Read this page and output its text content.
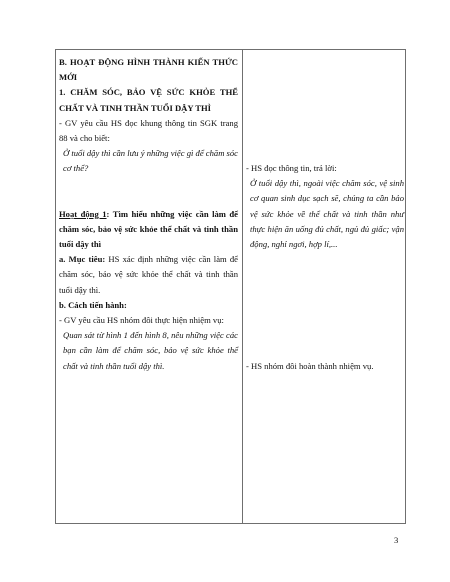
B. HOẠT ĐỘNG HÌNH THÀNH KIẾN THỨC MỚI

1. CHĂM SÓC, BẢO VỆ SỨC KHỎE THỂ CHẤT VÀ TINH THẦN TUỔI DẬY THÌ

- GV yêu cầu HS đọc khung thông tin SGK trang 88 và cho biết:

Ở tuổi dậy thì cần lưu ý những việc gì để chăm sóc cơ thể?

Hoạt động 1: Tìm hiểu những việc cần làm để chăm sóc, bảo vệ sức khỏe thể chất và tinh thần tuổi dậy thì

a. Mục tiêu: HS xác định những việc cần làm để chăm sóc, bảo vệ sức khỏe thể chất và tinh thần tuổi dậy thì.

b. Cách tiến hành:

- GV yêu cầu HS nhóm đôi thực hiện nhiệm vụ:

Quan sát từ hình 1 đến hình 8, nêu những việc các bạn cần làm để chăm sóc, bảo vệ sức khỏe thể chất và tinh thần tuổi dậy thì.

- HS đọc thông tin, trả lời:

Ở tuổi dậy thì, ngoài việc chăm sóc, vệ sinh cơ quan sinh dục sạch sẽ, chúng ta cần bảo vệ sức khỏe về thể chất và tinh thần như thực hiện ăn uống đủ chất, ngủ đủ giấc; vận động, nghỉ ngơi, hợp lí,...

- HS nhóm đôi hoàn thành nhiệm vụ.

3
